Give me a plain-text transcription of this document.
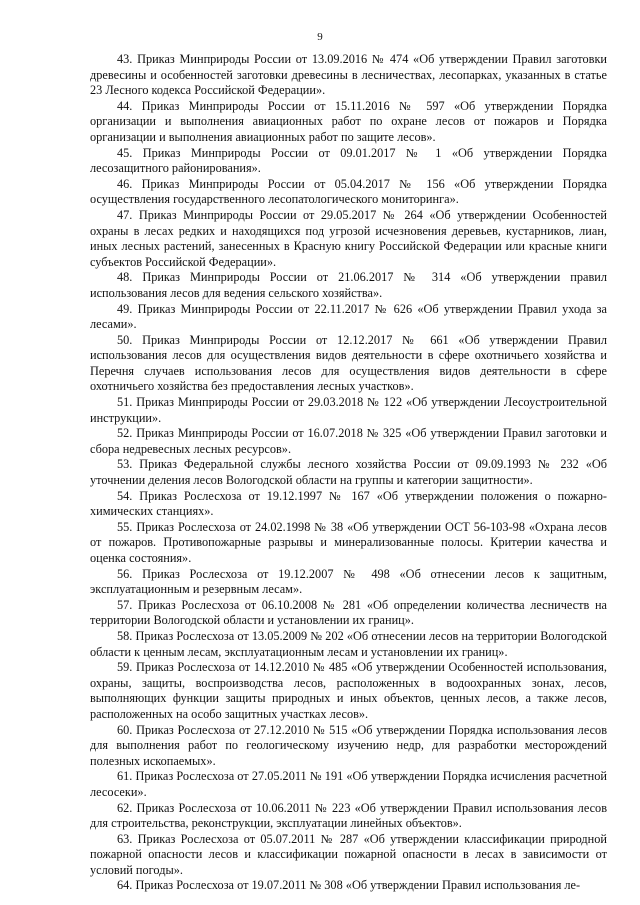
9

43. Приказ Минприроды России от 13.09.2016 № 474 «Об утверждении Правил заготовки древесины и особенностей заготовки древесины в лесничествах, лесопарках, указанных в статье 23 Лесного кодекса Российской Федерации».

44. Приказ Минприроды России от 15.11.2016 № 597 «Об утверждении Порядка организации и выполнения авиационных работ по охране лесов от пожаров и Порядка организации и выполнения авиационных работ по защите лесов».

45. Приказ Минприроды России от 09.01.2017 № 1 «Об утверждении Порядка лесозащитного районирования».

46. Приказ Минприроды России от 05.04.2017 № 156 «Об утверждении Порядка осуществления государственного лесопатологического мониторинга».

47. Приказ Минприроды России от 29.05.2017 № 264 «Об утверждении Особенностей охраны в лесах редких и находящихся под угрозой исчезновения деревьев, кустарников, лиан, иных лесных растений, занесенных в Красную книгу Российской Федерации или красные книги субъектов Российской Федерации».

48. Приказ Минприроды России от 21.06.2017 № 314 «Об утверждении правил использования лесов для ведения сельского хозяйства».

49. Приказ Минприроды России от 22.11.2017 № 626 «Об утверждении Правил ухода за лесами».

50. Приказ Минприроды России от 12.12.2017 № 661 «Об утверждении Правил использования лесов для осуществления видов деятельности в сфере охотничьего хозяйства и Перечня случаев использования лесов для осуществления видов деятельности в сфере охотничьего хозяйства без предоставления лесных участков».

51. Приказ Минприроды России от 29.03.2018 № 122 «Об утверждении Лесоустроительной инструкции».

52. Приказ Минприроды России от 16.07.2018 № 325 «Об утверждении Правил заготовки и сбора недревесных лесных ресурсов».

53. Приказ Федеральной службы лесного хозяйства России от 09.09.1993 № 232 «Об уточнении деления лесов Вологодской области на группы и категории защитности».

54. Приказ Рослесхоза от 19.12.1997 № 167 «Об утверждении положения о пожарно-химических станциях».

55. Приказ Рослесхоза от 24.02.1998 № 38 «Об утверждении ОСТ 56-103-98 «Охрана лесов от пожаров. Противопожарные разрывы и минерализованные полосы. Критерии качества и оценка состояния».

56. Приказ Рослесхоза от 19.12.2007 № 498 «Об отнесении лесов к защитным, эксплуатационным и резервным лесам».

57. Приказ Рослесхоза от 06.10.2008 № 281 «Об определении количества лесничеств на территории Вологодской области и установлении их границ».

58. Приказ Рослесхоза от 13.05.2009 № 202 «Об отнесении лесов на территории Вологодской области к ценным лесам, эксплуатационным лесам и установлении их границ».

59. Приказ Рослесхоза от 14.12.2010 № 485 «Об утверждении Особенностей использования, охраны, защиты, воспроизводства лесов, расположенных в водоохранных зонах, лесов, выполняющих функции защиты природных и иных объектов, ценных лесов, а также лесов, расположенных на особо защитных участках лесов».

60. Приказ Рослесхоза от 27.12.2010 № 515 «Об утверждении Порядка использования лесов для выполнения работ по геологическому изучению недр, для разработки месторождений полезных ископаемых».

61. Приказ Рослесхоза от 27.05.2011 № 191 «Об утверждении Порядка исчисления расчетной лесосеки».

62. Приказ Рослесхоза от 10.06.2011 № 223 «Об утверждении Правил использования лесов для строительства, реконструкции, эксплуатации линейных объектов».

63. Приказ Рослесхоза от 05.07.2011 № 287 «Об утверждении классификации природной пожарной опасности лесов и классификации пожарной опасности в лесах в зависимости от условий погоды».

64. Приказ Рослесхоза от 19.07.2011 № 308 «Об утверждении Правил использования ле-
